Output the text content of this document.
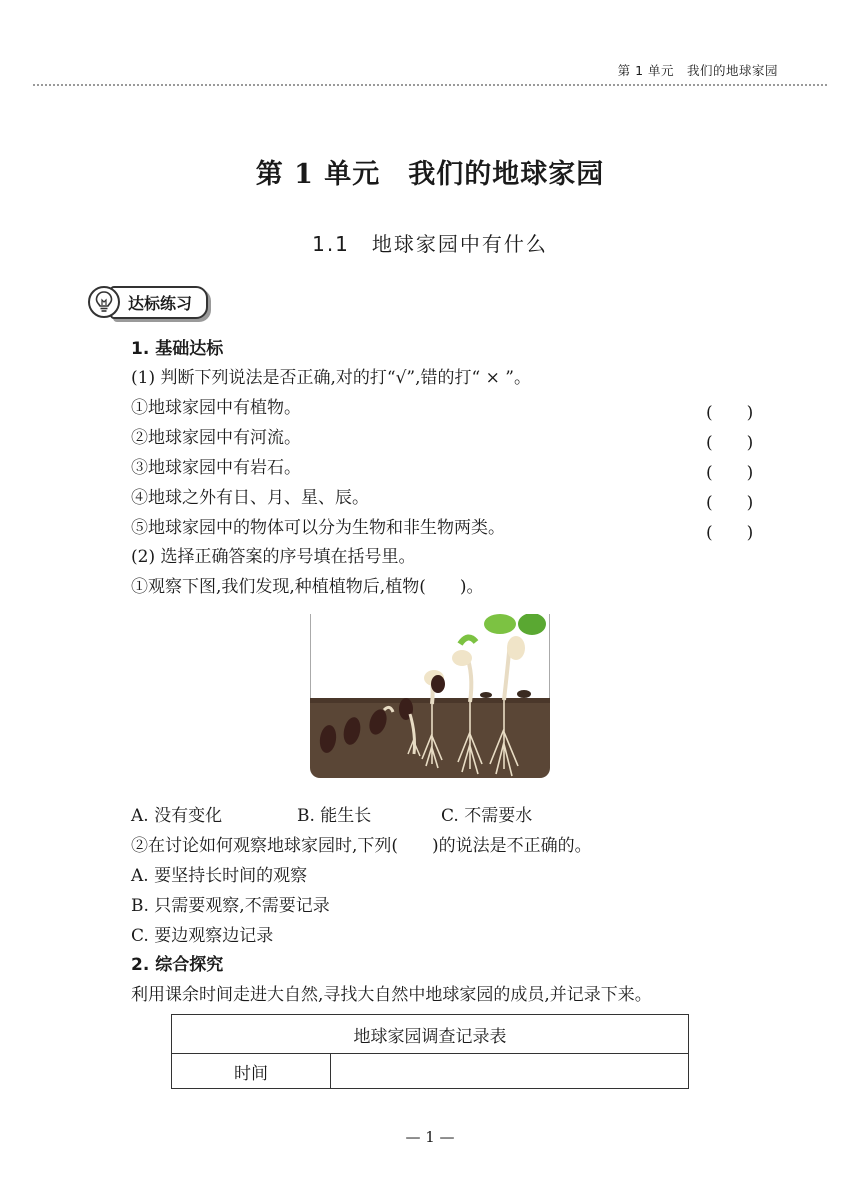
第 1 单元　我们的地球家园
第 1 单元　我们的地球家园
1.1　地球家园中有什么
达标练习
1. 基础达标
(1) 判断下列说法是否正确,对的打“√”,错的打“ × ”。
①地球家园中有植物。	(　　)
②地球家园中有河流。	(　　)
③地球家园中有岩石。	(　　)
④地球之外有日、月、星、辰。	(　　)
⑤地球家园中的物体可以分为生物和非生物两类。	(　　)
(2) 选择正确答案的序号填在括号里。
①观察下图,我们发现,种植植物后,植物(　　)。
A. 没有变化	B. 能生长	C. 不需要水
②在讨论如何观察地球家园时,下列(　　)的说法是不正确的。
A. 要坚持长时间的观察
B. 只需要观察,不需要记录
C. 要边观察边记录
2. 综合探究
利用课余时间走进大自然,寻找大自然中地球家园的成员,并记录下来。
地球家园调查记录表
时间	
— 1 —
